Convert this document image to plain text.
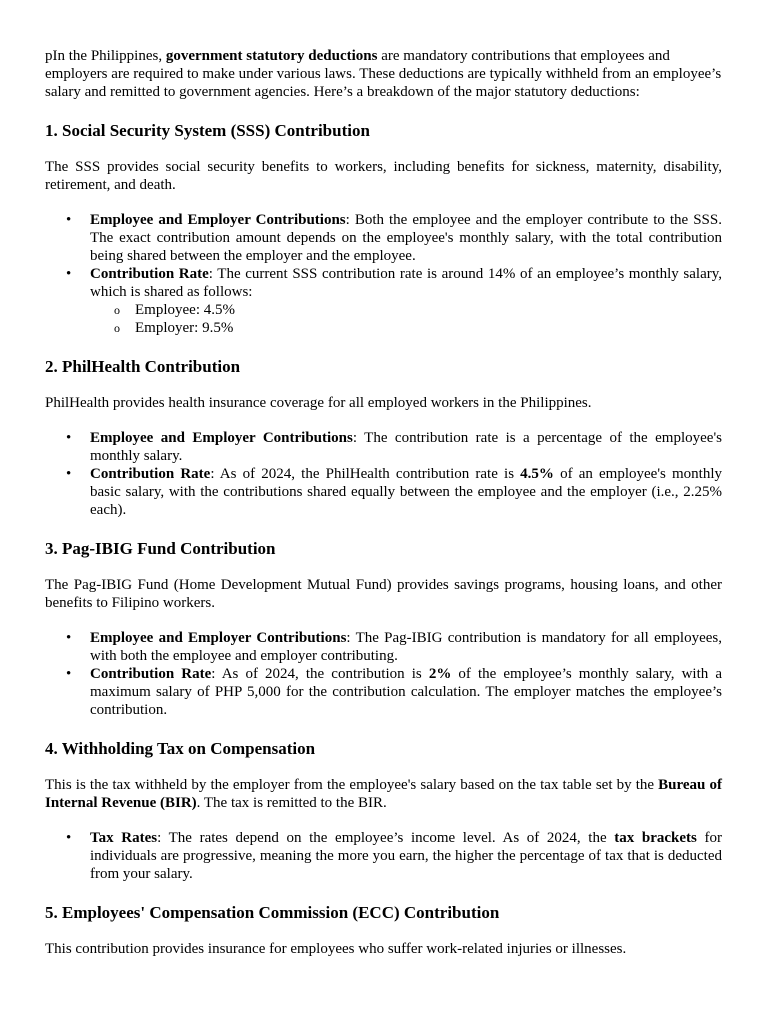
pIn the Philippines, government statutory deductions are mandatory contributions that employees and employers are required to make under various laws. These deductions are typically withheld from an employee’s salary and remitted to government agencies. Here’s a breakdown of the major statutory deductions:

1. Social Security System (SSS) Contribution

The SSS provides social security benefits to workers, including benefits for sickness, maternity, disability, retirement, and death.

• Employee and Employer Contributions: Both the employee and the employer contribute to the SSS. The exact contribution amount depends on the employee's monthly salary, with the total contribution being shared between the employer and the employee.
• Contribution Rate: The current SSS contribution rate is around 14% of an employee’s monthly salary, which is shared as follows:
o Employee: 4.5%
o Employer: 9.5%
2. PhilHealth Contribution

PhilHealth provides health insurance coverage for all employed workers in the Philippines.

• Employee and Employer Contributions: The contribution rate is a percentage of the employee's monthly salary.
• Contribution Rate: As of 2024, the PhilHealth contribution rate is 4.5% of an employee's monthly basic salary, with the contributions shared equally between the employee and the employer (i.e., 2.25% each).
3. Pag-IBIG Fund Contribution

The Pag-IBIG Fund (Home Development Mutual Fund) provides savings programs, housing loans, and other benefits to Filipino workers.

• Employee and Employer Contributions: The Pag-IBIG contribution is mandatory for all employees, with both the employee and employer contributing.
• Contribution Rate: As of 2024, the contribution is 2% of the employee’s monthly salary, with a maximum salary of PHP 5,000 for the contribution calculation. The employer matches the employee’s contribution.
4. Withholding Tax on Compensation

This is the tax withheld by the employer from the employee's salary based on the tax table set by the Bureau of Internal Revenue (BIR). The tax is remitted to the BIR.

• Tax Rates: The rates depend on the employee’s income level. As of 2024, the tax brackets for individuals are progressive, meaning the more you earn, the higher the percentage of tax that is deducted from your salary.
5. Employees' Compensation Commission (ECC) Contribution

This contribution provides insurance for employees who suffer work-related injuries or illnesses.
